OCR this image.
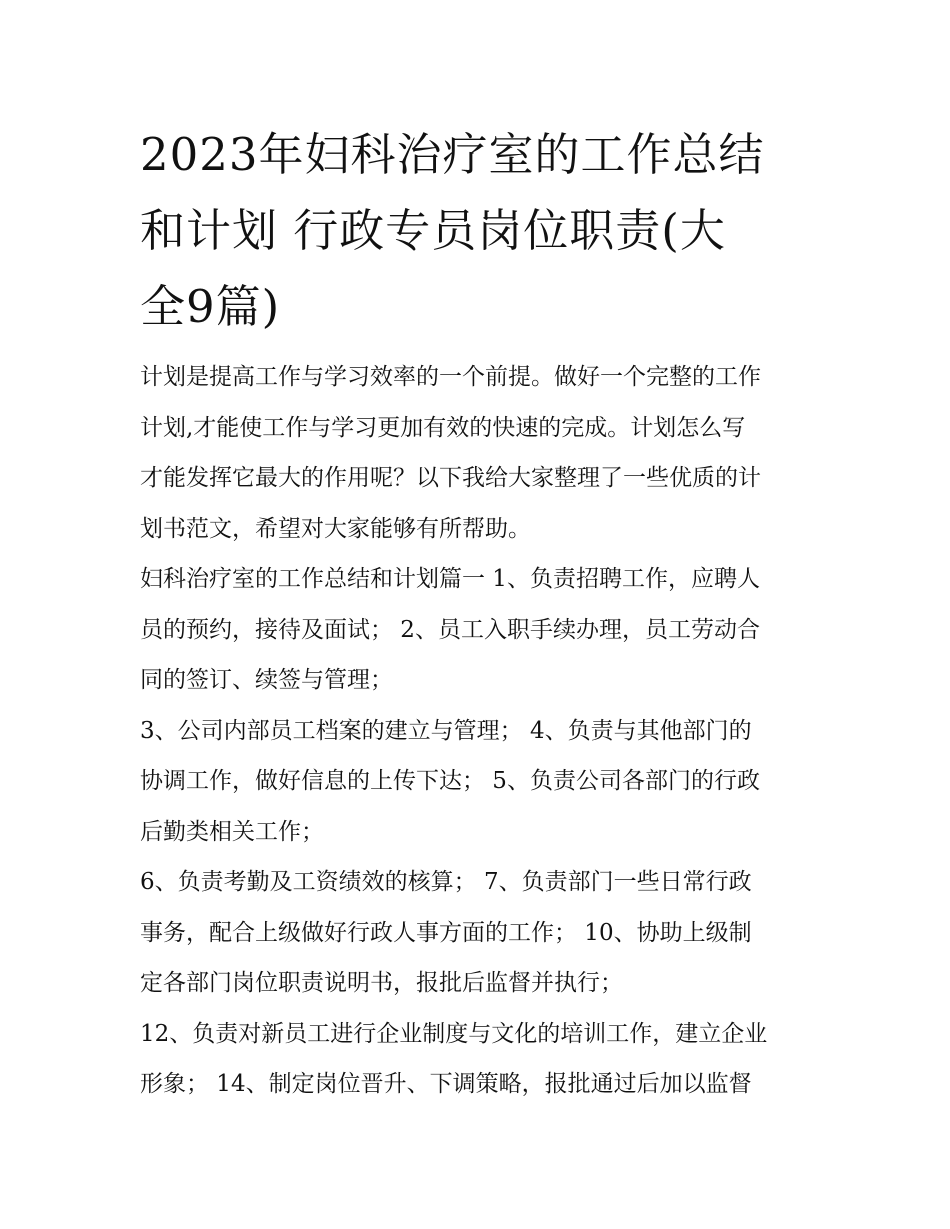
2023年妇科治疗室的工作总结
和计划 行政专员岗位职责(大
全9篇)

计划是提高工作与学习效率的一个前提。做好一个完整的工作
计划,才能使工作与学习更加有效的快速的完成。计划怎么写
才能发挥它最大的作用呢？以下我给大家整理了一些优质的计
划书范文，希望对大家能够有所帮助。

妇科治疗室的工作总结和计划篇一 1、负责招聘工作，应聘人
员的预约，接待及面试； 2、员工入职手续办理，员工劳动合
同的签订、续签与管理；

3、公司内部员工档案的建立与管理； 4、负责与其他部门的
协调工作，做好信息的上传下达； 5、负责公司各部门的行政
后勤类相关工作；

6、负责考勤及工资绩效的核算； 7、负责部门一些日常行政
事务，配合上级做好行政人事方面的工作； 10、协助上级制
定各部门岗位职责说明书，报批后监督并执行；

12、负责对新员工进行企业制度与文化的培训工作，建立企业
形象； 14、制定岗位晋升、下调策略，报批通过后加以监督
